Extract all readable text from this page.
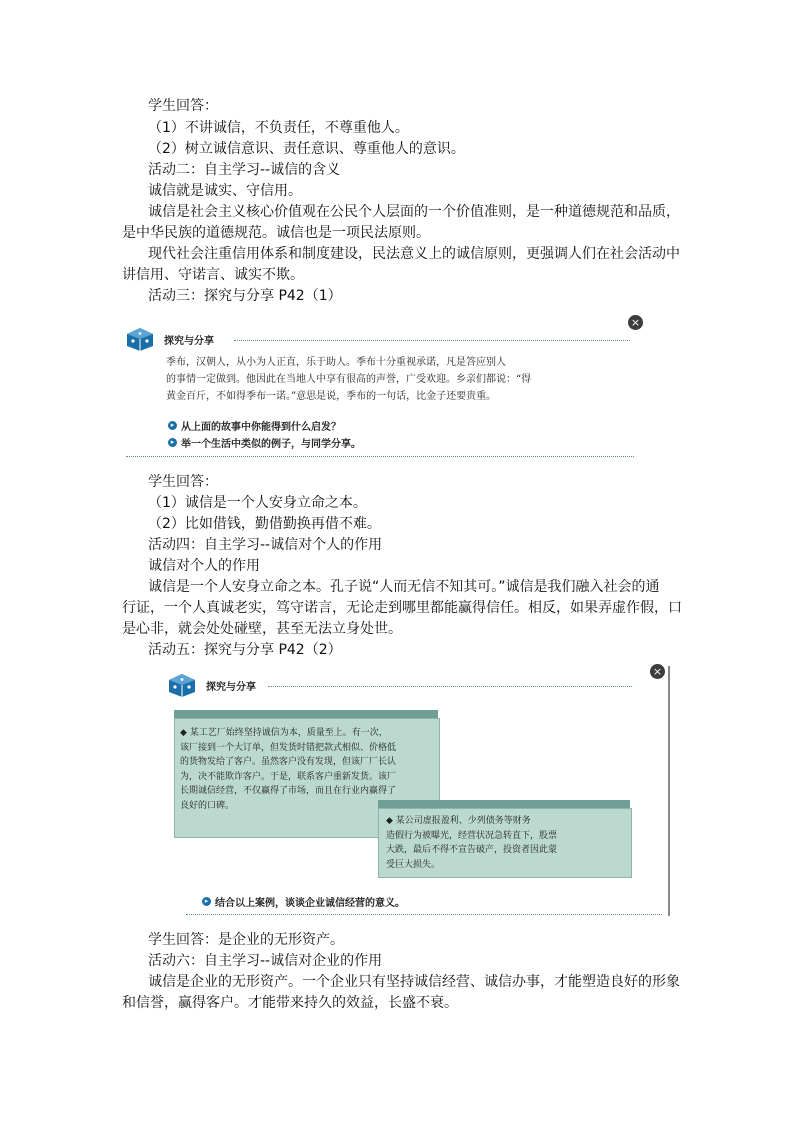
学生回答：
（1）不讲诚信，不负责任，不尊重他人。
（2）树立诚信意识、责任意识、尊重他人的意识。
活动二：自主学习--诚信的含义
诚信就是诚实、守信用。
诚信是社会主义核心价值观在公民个人层面的一个价值准则，是一种道德规范和品质，
是中华民族的道德规范。诚信也是一项民法原则。
现代社会注重信用体系和制度建设，民法意义上的诚信原则，更强调人们在社会活动中
讲信用、守诺言、诚实不欺。
活动三：探究与分享 P42（1）
探究与分享
×
季布，汉朝人，从小为人正直，乐于助人。季布十分重视承诺，凡是答应别人
的事情一定做到。他因此在当地人中享有很高的声誉，广受欢迎。乡亲们都说：“得
黄金百斤，不如得季布一诺。”意思是说，季布的一句话，比金子还要贵重。
▸ 从上面的故事中你能得到什么启发？
▸ 举一个生活中类似的例子，与同学分享。
学生回答：
（1）诚信是一个人安身立命之本。
（2）比如借钱，勤借勤换再借不难。
活动四：自主学习--诚信对个人的作用
诚信对个人的作用
诚信是一个人安身立命之本。孔子说“人而无信不知其可。”诚信是我们融入社会的通
行证，一个人真诚老实，笃守诺言，无论走到哪里都能赢得信任。相反，如果弄虚作假，口
是心非，就会处处碰壁，甚至无法立身处世。
活动五：探究与分享 P42（2）
探究与分享
×
◆ 某工艺厂始终坚持诚信为本，质量至上。有一次，
该厂接到一个大订单，但发货时错把款式相似、价格低
的货物发给了客户。虽然客户没有发现，但该厂厂长认
为，决不能欺诈客户。于是，联系客户重新发货。该厂
长期诚信经营，不仅赢得了市场，而且在行业内赢得了
良好的口碑。
◆ 某公司虚报盈利、少列债务等财务
造假行为被曝光，经营状况急转直下，股票
大跌，最后不得不宣告破产，投资者因此蒙
受巨大损失。
▸ 结合以上案例，谈谈企业诚信经营的意义。
学生回答：是企业的无形资产。
活动六：自主学习--诚信对企业的作用
诚信是企业的无形资产。一个企业只有坚持诚信经营、诚信办事，才能塑造良好的形象
和信誉，赢得客户。才能带来持久的效益，长盛不衰。
